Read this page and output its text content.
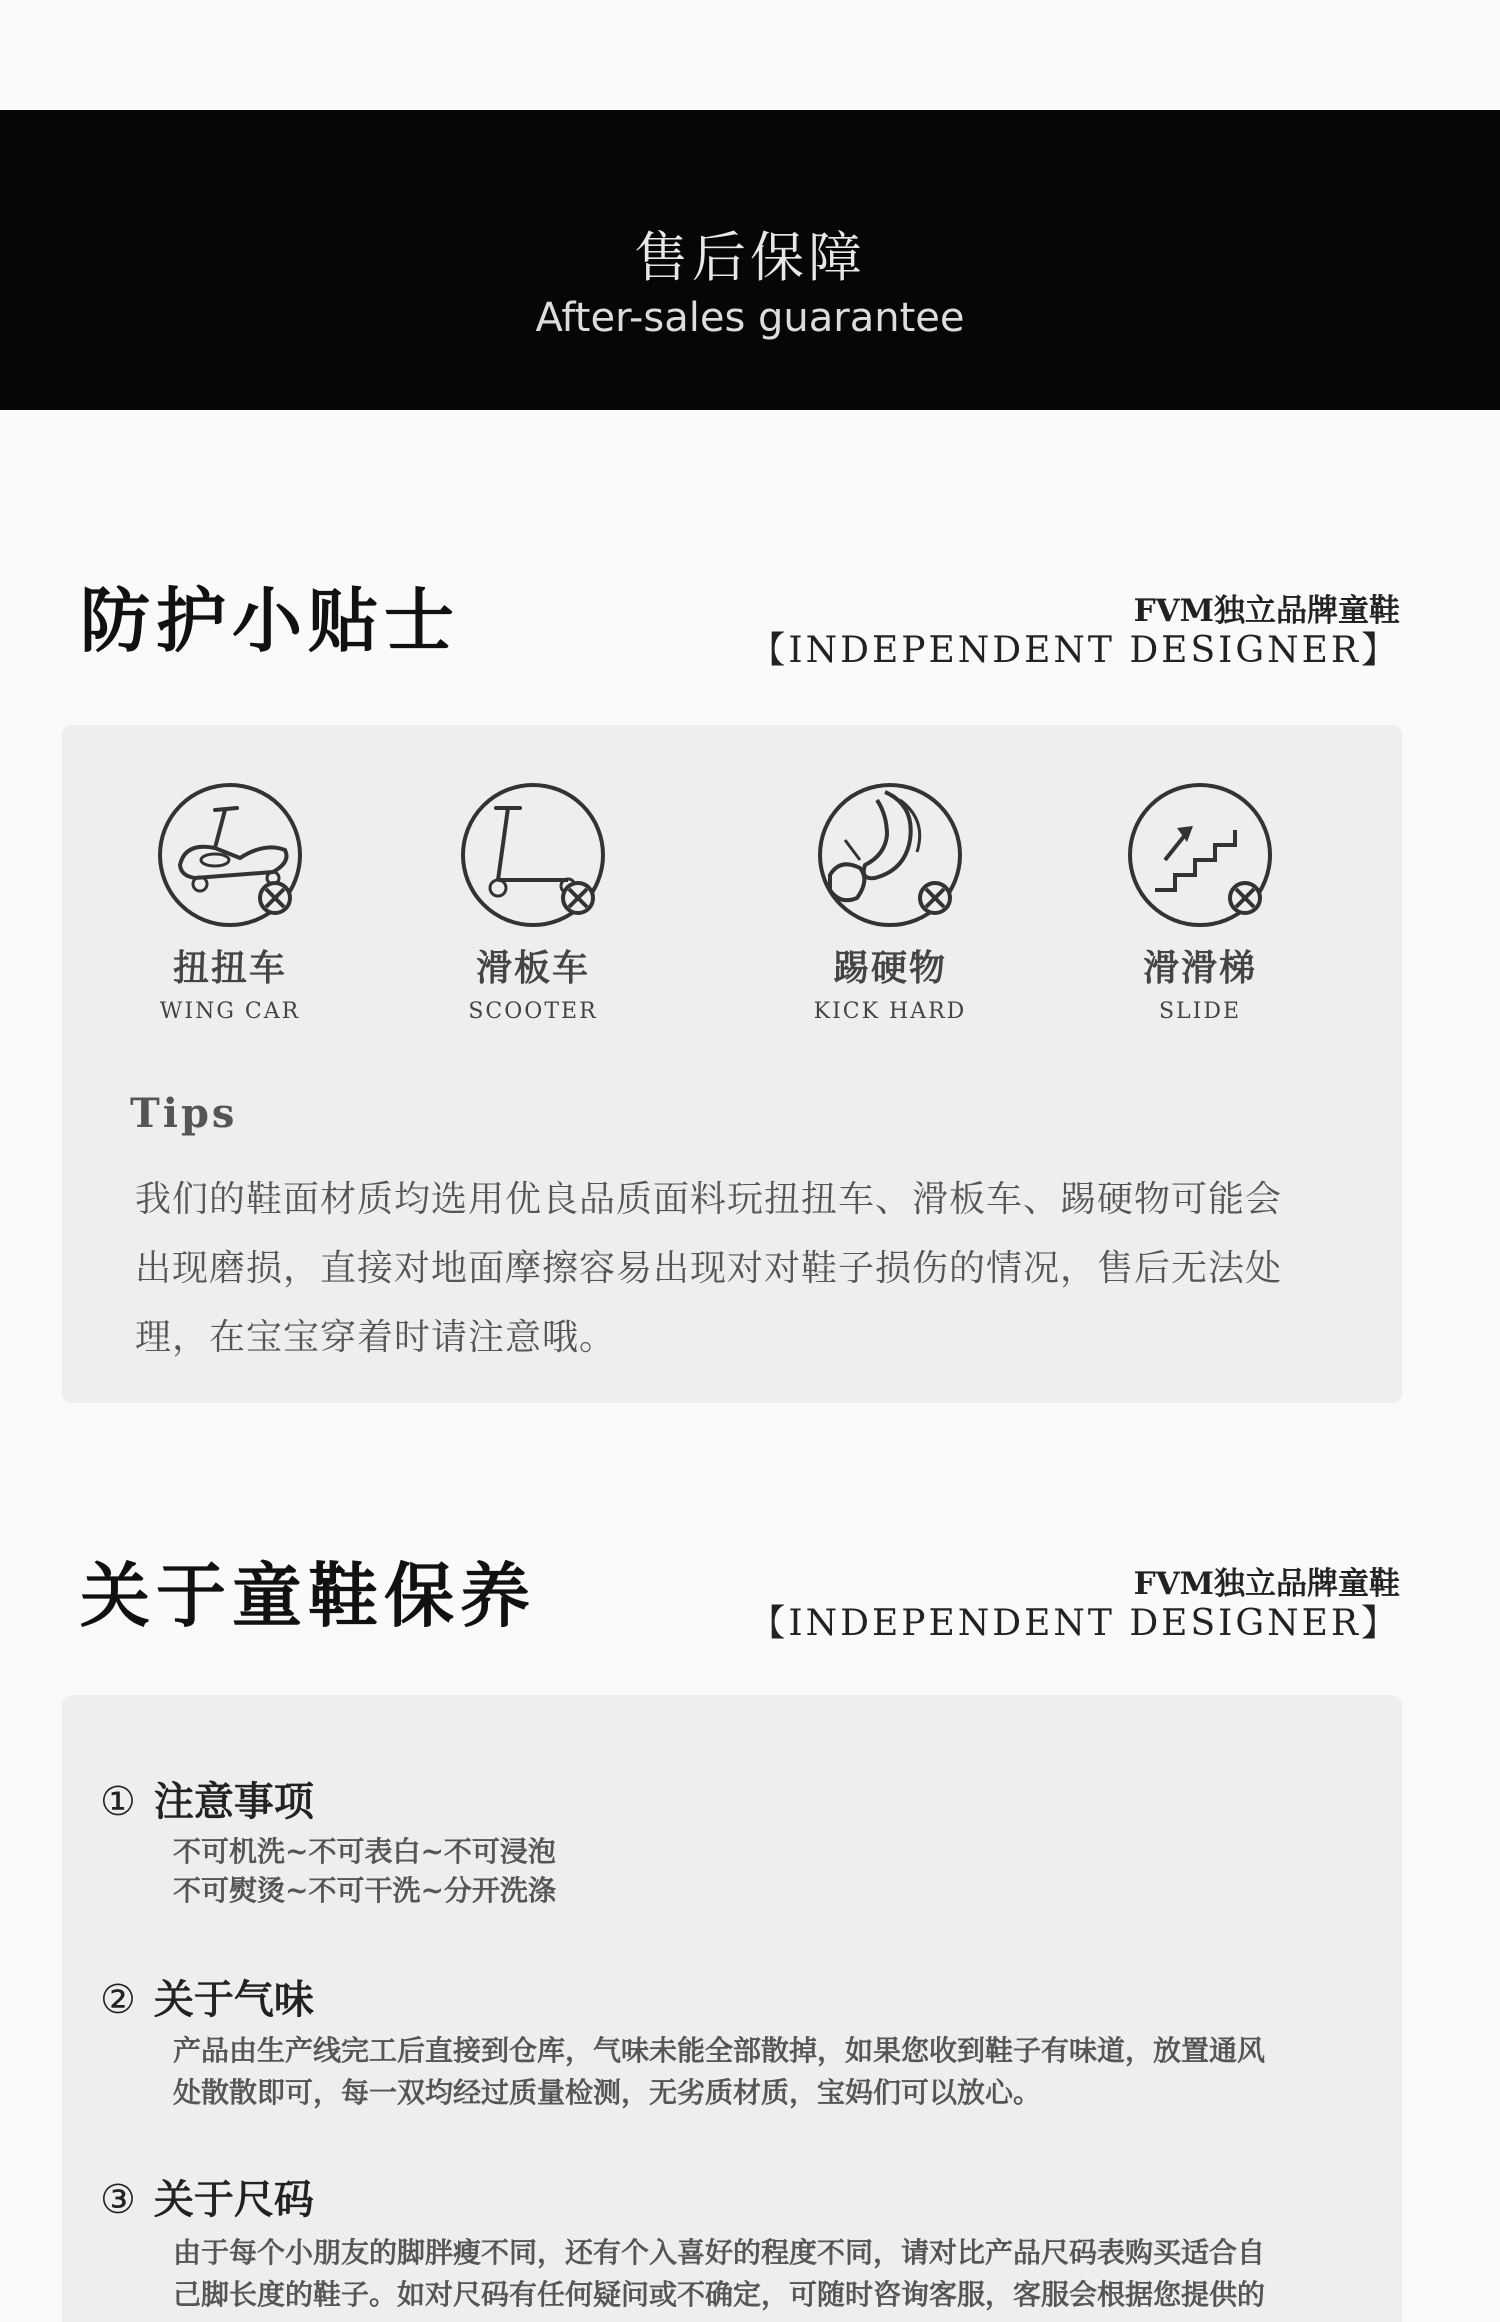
售后保障
After-sales guarantee
防护小贴士	FVM独立品牌童鞋
【INDEPENDENT DESIGNER】
扭扭车
WING CAR
滑板车
SCOOTER
踢硬物
KICK HARD
滑滑梯
SLIDE
Tips
我们的鞋面材质均选用优良品质面料玩扭扭车、滑板车、踢硬物可能会出现磨损，直接对地面摩擦容易出现对对鞋子损伤的情况，售后无法处理，在宝宝穿着时请注意哦。
关于童鞋保养	FVM独立品牌童鞋
【INDEPENDENT DESIGNER】
① 注意事项
不可机洗~不可表白~不可浸泡
不可熨烫~不可干洗~分开洗涤
② 关于气味
产品由生产线完工后直接到仓库，气味未能全部散掉，如果您收到鞋子有味道，放置通风
处散散即可，每一双均经过质量检测，无劣质材质，宝妈们可以放心。
③ 关于尺码
由于每个小朋友的脚胖瘦不同，还有个入喜好的程度不同，请对比产品尺码表购买适合自
己脚长度的鞋子。如对尺码有任何疑问或不确定，可随时咨询客服，客服会根据您提供的
